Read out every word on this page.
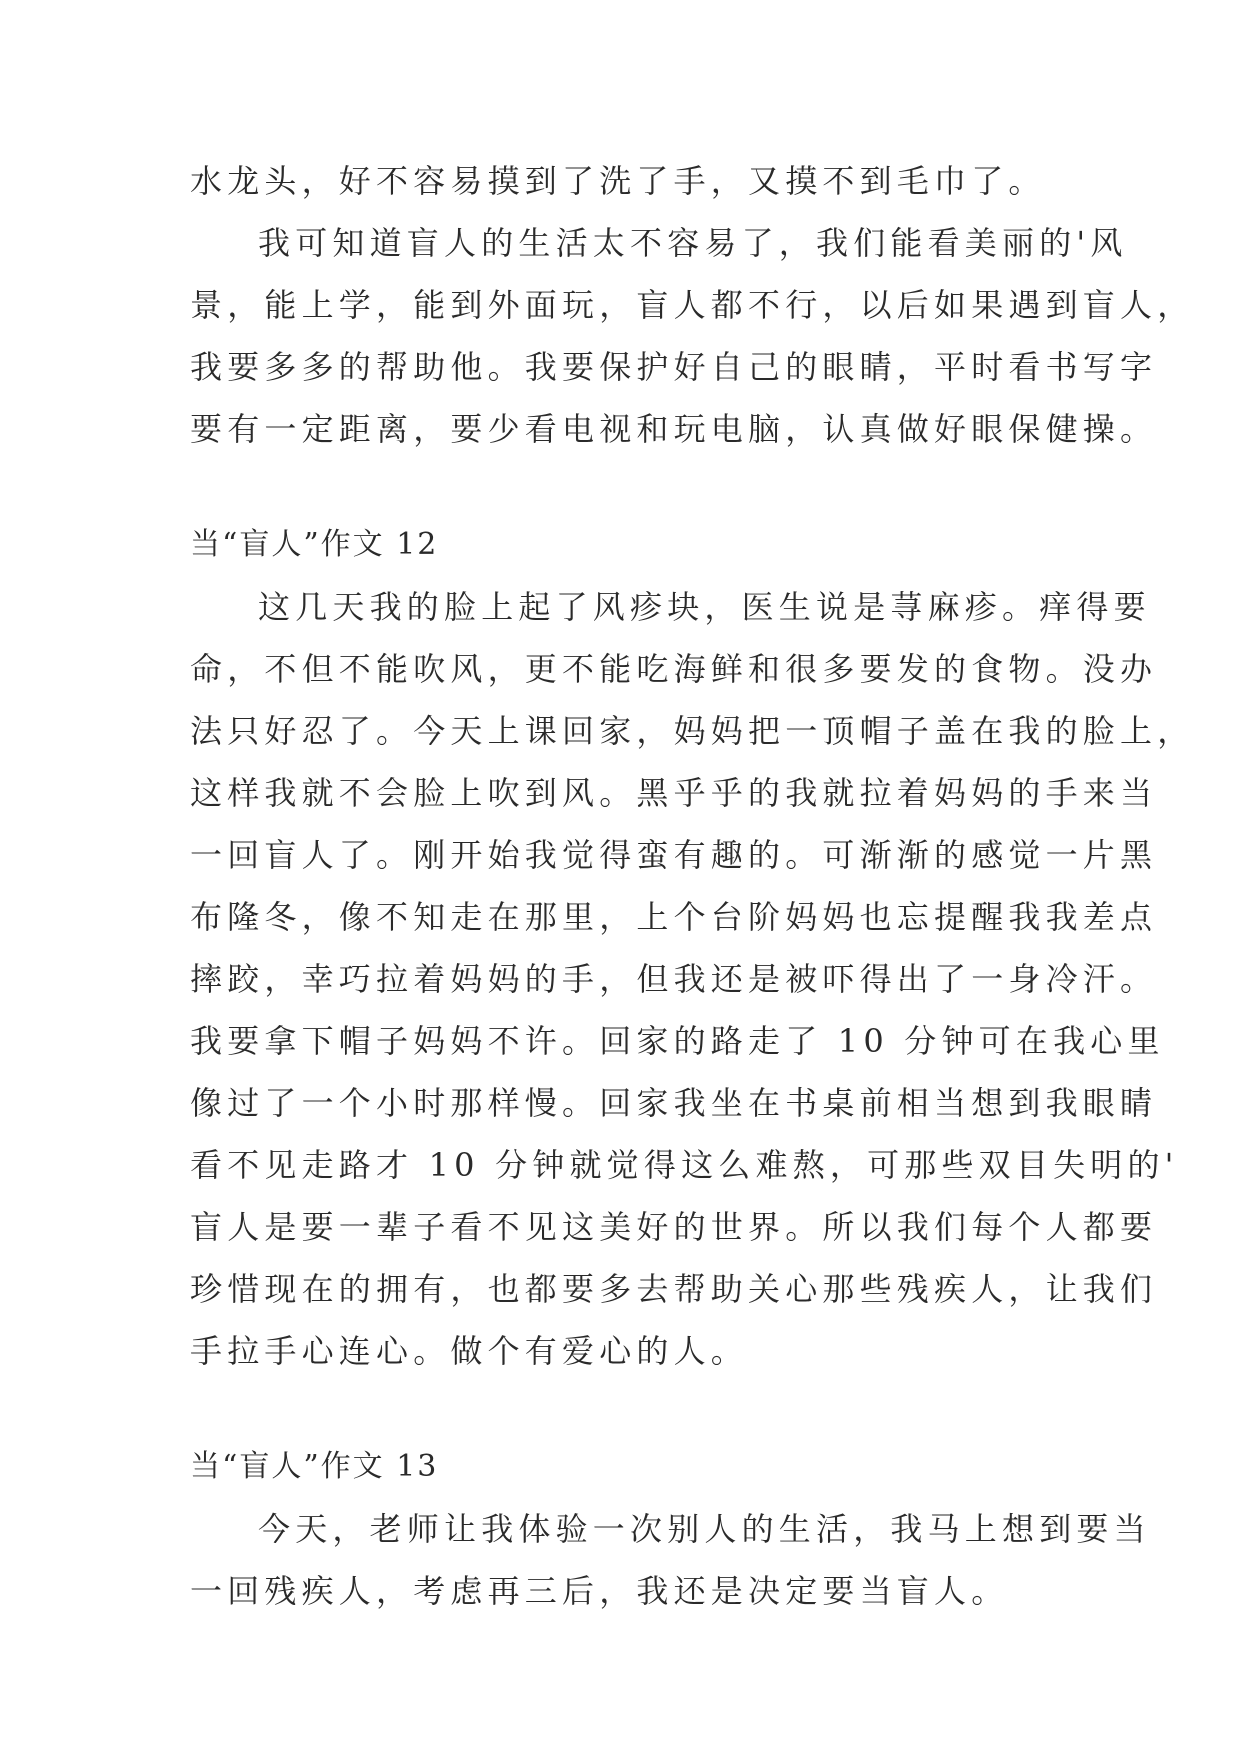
水龙头，好不容易摸到了洗了手，又摸不到毛巾了。
我可知道盲人的生活太不容易了，我们能看美丽的'风
景，能上学，能到外面玩，盲人都不行，以后如果遇到盲人，
我要多多的帮助他。我要保护好自己的眼睛，平时看书写字
要有一定距离，要少看电视和玩电脑，认真做好眼保健操。
当“盲人”作文 12
这几天我的脸上起了风疹块，医生说是荨麻疹。痒得要
命，不但不能吹风，更不能吃海鲜和很多要发的食物。没办
法只好忍了。今天上课回家，妈妈把一顶帽子盖在我的脸上，
这样我就不会脸上吹到风。黑乎乎的我就拉着妈妈的手来当
一回盲人了。刚开始我觉得蛮有趣的。可渐渐的感觉一片黑
布隆冬，像不知走在那里，上个台阶妈妈也忘提醒我我差点
摔跤，幸巧拉着妈妈的手，但我还是被吓得出了一身冷汗。
我要拿下帽子妈妈不许。回家的路走了 10 分钟可在我心里
像过了一个小时那样慢。回家我坐在书桌前相当想到我眼睛
看不见走路才 10 分钟就觉得这么难熬，可那些双目失明的'
盲人是要一辈子看不见这美好的世界。所以我们每个人都要
珍惜现在的拥有，也都要多去帮助关心那些残疾人，让我们
手拉手心连心。做个有爱心的人。
当“盲人”作文 13
今天，老师让我体验一次别人的生活，我马上想到要当
一回残疾人，考虑再三后，我还是决定要当盲人。
